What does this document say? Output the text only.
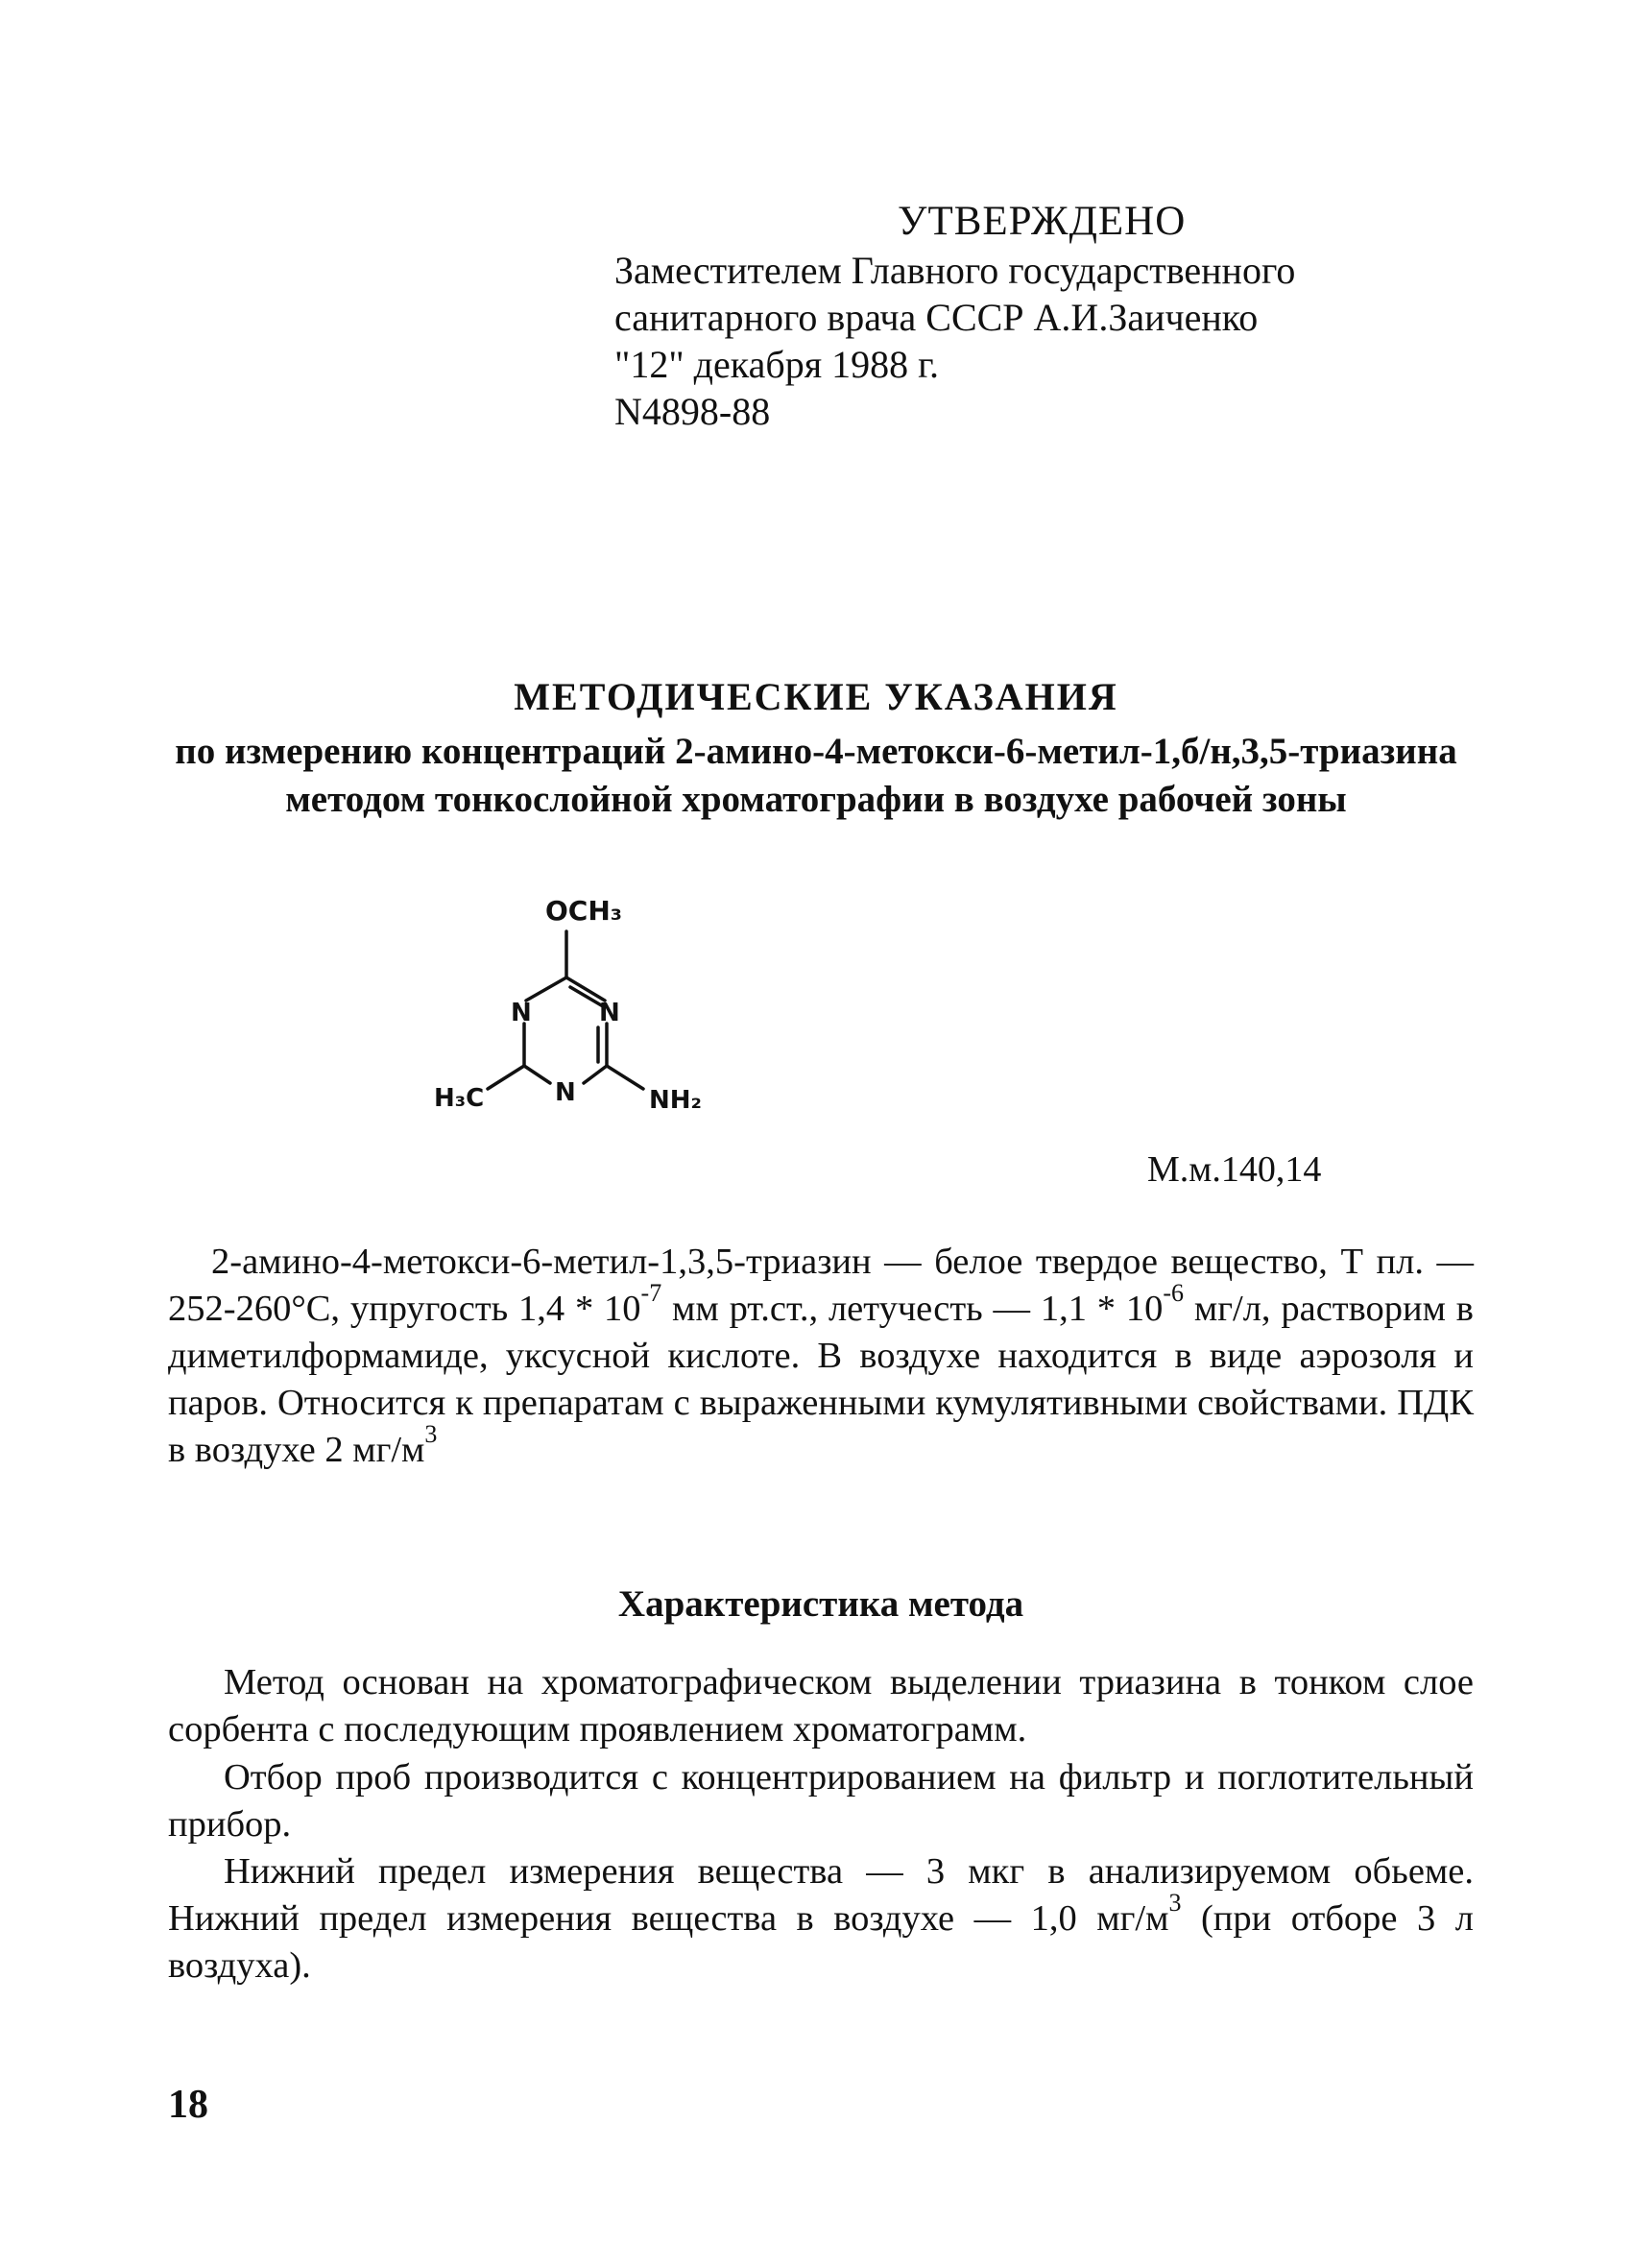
УТВЕРЖДЕНО
Заместителем Главного государственного
санитарного врача СССР А.И.Заиченко
"12" декабря 1988 г.
N4898-88
МЕТОДИЧЕСКИЕ УКАЗАНИЯ
по измерению концентраций 2-амино-4-метокси-6-метил-1,б/н,3,5-триазина методом тонкослойной хроматографии в воздухе рабочей зоны
OCH₃
N	N
N
H₃C	NH₂
М.м.140,14
2-амино-4-метокси-6-метил-1,3,5-триазин — белое твердое вещество, Т пл. — 252-260°С, упругость $1,4 * 10^{-7}$ мм рт.ст., летучесть — $1,1 * 10^{-6}$ мг/л, растворим в диметилформамиде, уксусной кислоте. В воздухе находится в виде аэрозоля и паров. Относится к препаратам с выраженными кумулятивными свойствами. ПДК в воздухе 2 $мг/м^3$
Характеристика метода
Метод основан на хроматографическом выделении триазина в тонком слое сорбента с последующим проявлением хроматограмм.
Отбор проб производится с концентрированием на фильтр и поглотительный прибор.
Нижний предел измерения вещества — 3 мкг в анализируемом обьеме. Нижний предел измерения вещества в воздухе — 1,0 $мг/м^3$ (при отборе 3 л воздуха).
18
